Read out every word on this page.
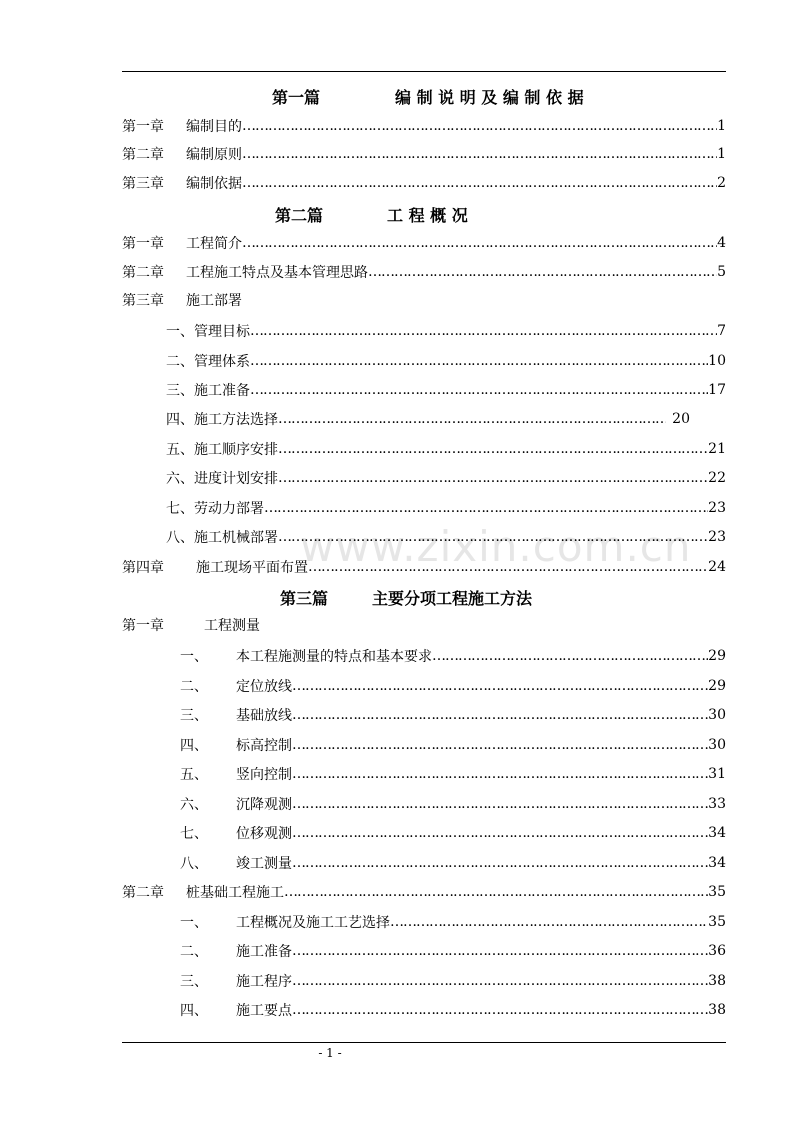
www.zixin.com.cn
第一篇	编 制 说 明 及 编 制 依 据
第一章	编制目的 ……………………………………………………………………………………………………………………………………………………………………………………………………	1
第二章	编制原则 ……………………………………………………………………………………………………………………………………………………………………………………………………	1
第三章	编制依据 ……………………………………………………………………………………………………………………………………………………………………………………………………	2
第二篇	工 程 概 况
第一章	工程简介 ……………………………………………………………………………………………………………………………………………………………………………………………………	4
第二章	工程施工特点及基本管理思路 ……………………………………………………………………………………………………………………………………………………………………………………………………	5
第三章 施工部署
一、管理目标 ……………………………………………………………………………………………………………………………………………………………………………………………………	7
二、管理体系 ……………………………………………………………………………………………………………………………………………………………………………………………………	10
三、施工准备 ……………………………………………………………………………………………………………………………………………………………………………………………………	17
四、施工方法选择 ……………………………………………………………………………………………………………………………………………………………………………………………………	20
五、施工顺序安排 ……………………………………………………………………………………………………………………………………………………………………………………………………	21
六、进度计划安排 ……………………………………………………………………………………………………………………………………………………………………………………………………	22
七、劳动力部署 ……………………………………………………………………………………………………………………………………………………………………………………………………	23
八、施工机械部署 ……………………………………………………………………………………………………………………………………………………………………………………………………	23
第四章	施工现场平面布置 ……………………………………………………………………………………………………………………………………………………………………………………………………	24
第三篇	主要分项工程施工方法
第一章	工程测量
一、	本工程施测量的特点和基本要求 ……………………………………………………………………………………………………………………………………………………………………………………………………	29
二、	定位放线 ……………………………………………………………………………………………………………………………………………………………………………………………………	29
三、	基础放线 ……………………………………………………………………………………………………………………………………………………………………………………………………	30
四、	标高控制 ……………………………………………………………………………………………………………………………………………………………………………………………………	30
五、	竖向控制 ……………………………………………………………………………………………………………………………………………………………………………………………………	31
六、	沉降观测 ……………………………………………………………………………………………………………………………………………………………………………………………………	33
七、	位移观测 ……………………………………………………………………………………………………………………………………………………………………………………………………	34
八、	竣工测量 ……………………………………………………………………………………………………………………………………………………………………………………………………	34
第二章	桩基础工程施工 ……………………………………………………………………………………………………………………………………………………………………………………………………	35
一、	工程概况及施工工艺选择 ……………………………………………………………………………………………………………………………………………………………………………………………………	35
二、	施工准备 ……………………………………………………………………………………………………………………………………………………………………………………………………	36
三、	施工程序 ……………………………………………………………………………………………………………………………………………………………………………………………………	38
四、	施工要点 ……………………………………………………………………………………………………………………………………………………………………………………………………	38
- 1 -
